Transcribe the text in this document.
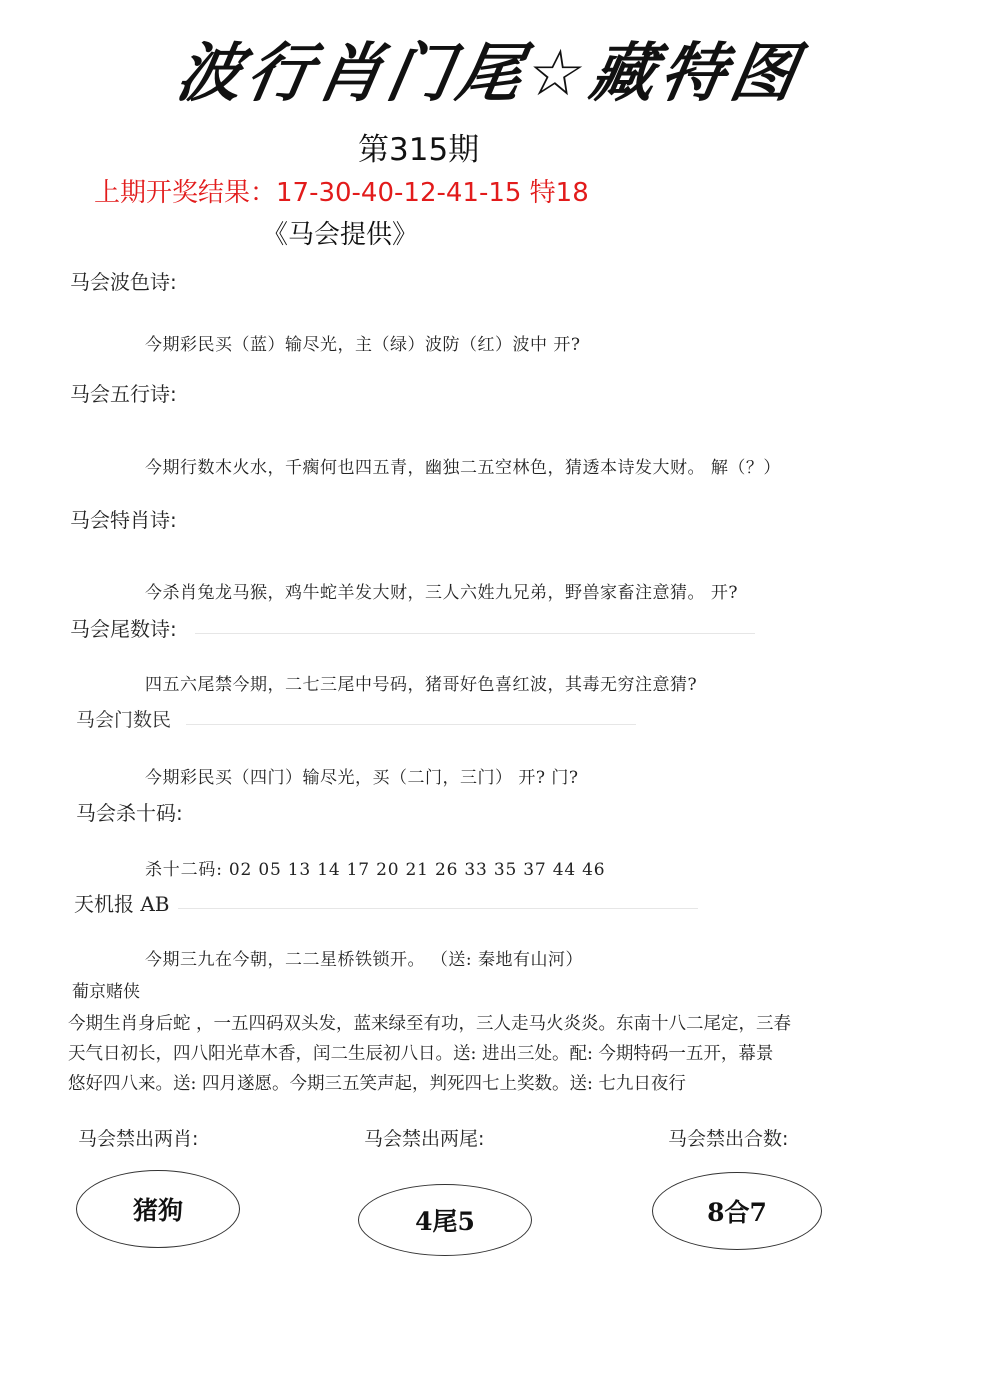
波行肖门尾☆藏特图
第315期
上期开奖结果：17-30-40-12-41-15 特18
《马会提供》
马会波色诗:
今期彩民买（蓝）输尽光，主（绿）波防（红）波中 开?
马会五行诗:
今期行数木火水，千瘸何也四五青，幽独二五空林色，猜透本诗发大财。 解（？）
马会特肖诗:
今杀肖兔龙马猴，鸡牛蛇羊发大财，三人六姓九兄弟，野兽家畜注意猜。 开?
马会尾数诗:
四五六尾禁今期，二七三尾中号码，猪哥好色喜红波，其毒无穷注意猜?
马会门数民
今期彩民买（四门）输尽光，买（二门，三门） 开? 门?
马会杀十码:
杀十二码: 02 05 13 14 17 20 21 26 33 35 37 44 46
天机报 AB
今期三九在今朝，二二星桥铁锁开。 （送: 秦地有山河）
葡京赌侠
今期生肖身后蛇 ，一五四码双头发，蓝来绿至有功，三人走马火炎炎。东南十八二尾定，三春
天气日初长，四八阳光草木香，闰二生辰初八日。送: 进出三处。配: 今期特码一五开，幕景
悠好四八来。送: 四月遂愿。今期三五笑声起，判死四七上奖数。送: 七九日夜行
马会禁出两肖:	马会禁出两尾:	马会禁出合数:
猪狗	4尾5	8合7
